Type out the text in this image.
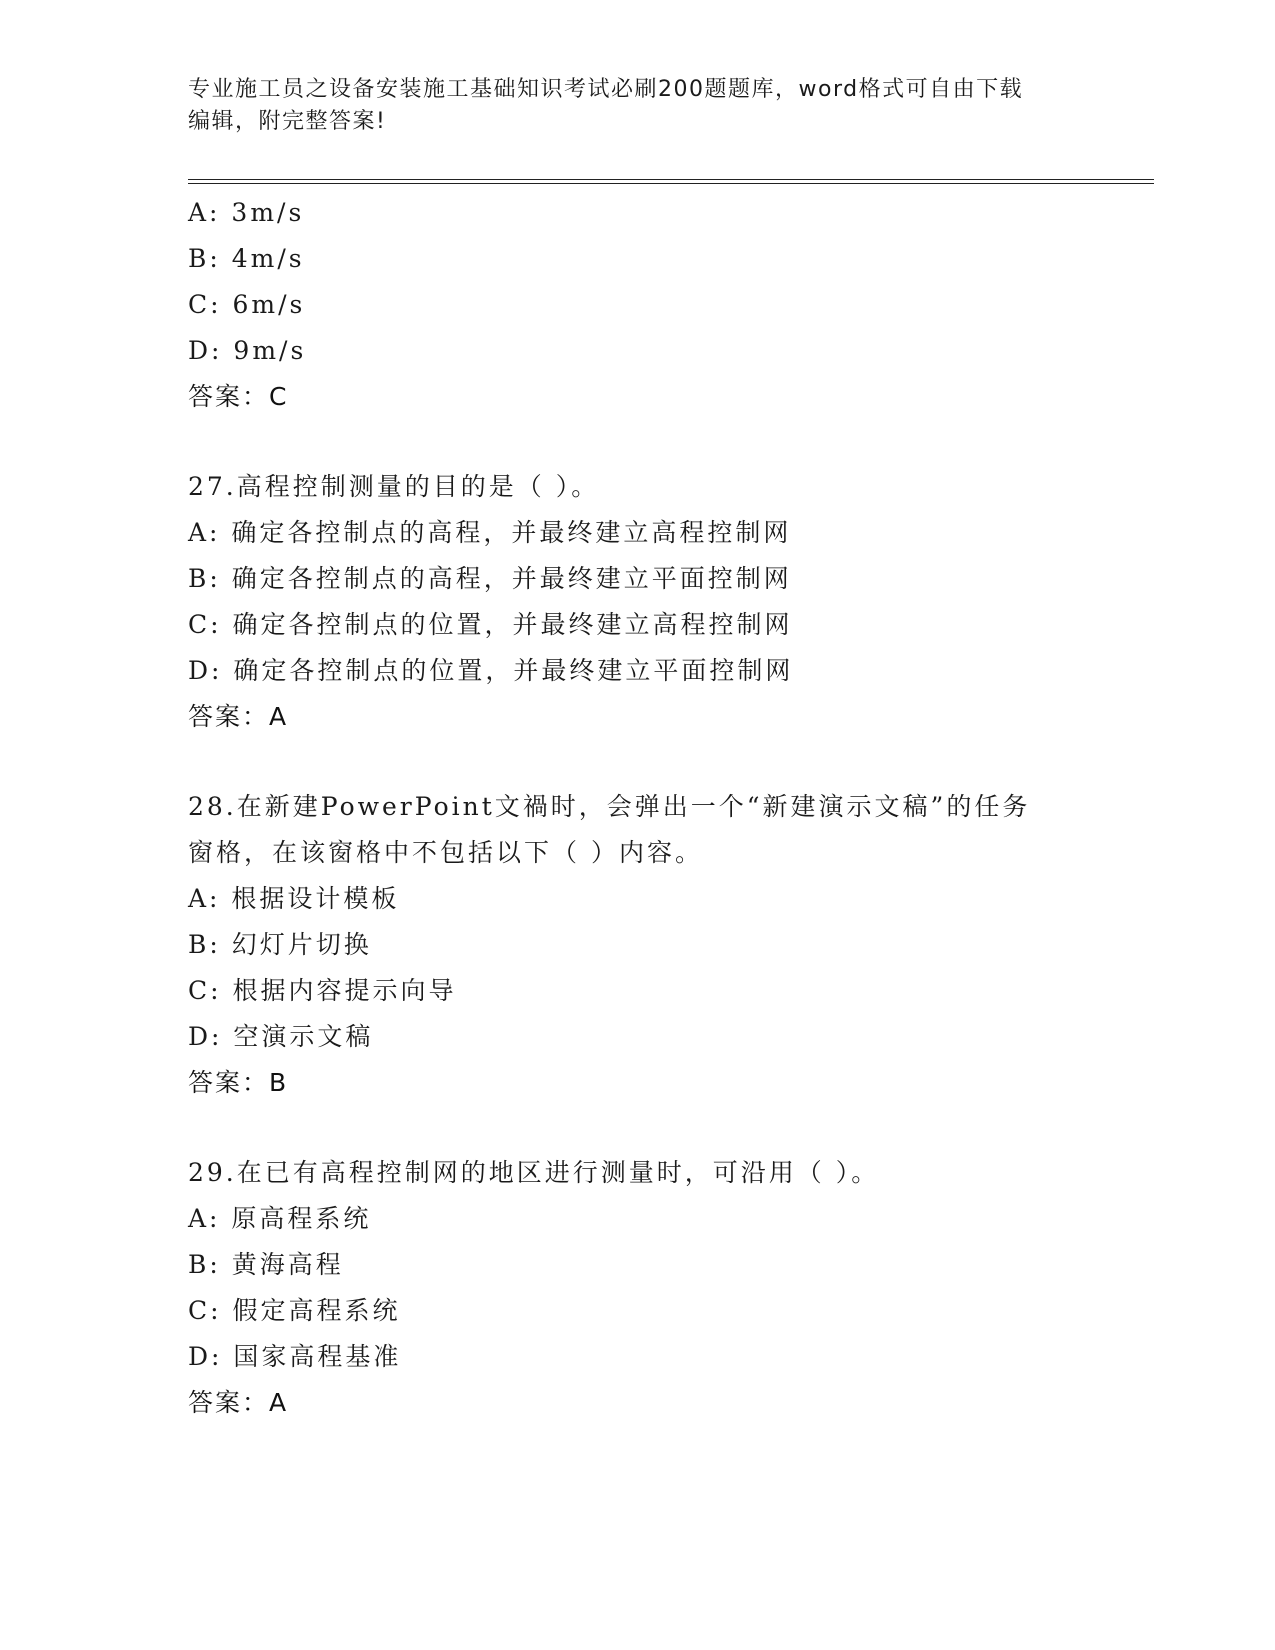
专业施工员之设备安装施工基础知识考试必刷200题题库，word格式可自由下载
编辑，附完整答案!
A: 3m/s
B: 4m/s
C: 6m/s
D: 9m/s
答案：C
27.高程控制测量的目的是（ ）。
A: 确定各控制点的高程，并最终建立高程控制网
B: 确定各控制点的高程，并最终建立平面控制网
C: 确定各控制点的位置，并最终建立高程控制网
D: 确定各控制点的位置，并最终建立平面控制网
答案：A
28.在新建PowerPoint文禍时，会弹出一个“新建演示文稿”的任务
窗格，在该窗格中不包括以下（ ）内容。
A: 根据设计模板
B: 幻灯片切换
C: 根据内容提示向导
D: 空演示文稿
答案：B
29.在已有高程控制网的地区进行测量时，可沿用（ ）。
A: 原高程系统
B: 黄海高程
C: 假定高程系统
D: 国家高程基准
答案：A
